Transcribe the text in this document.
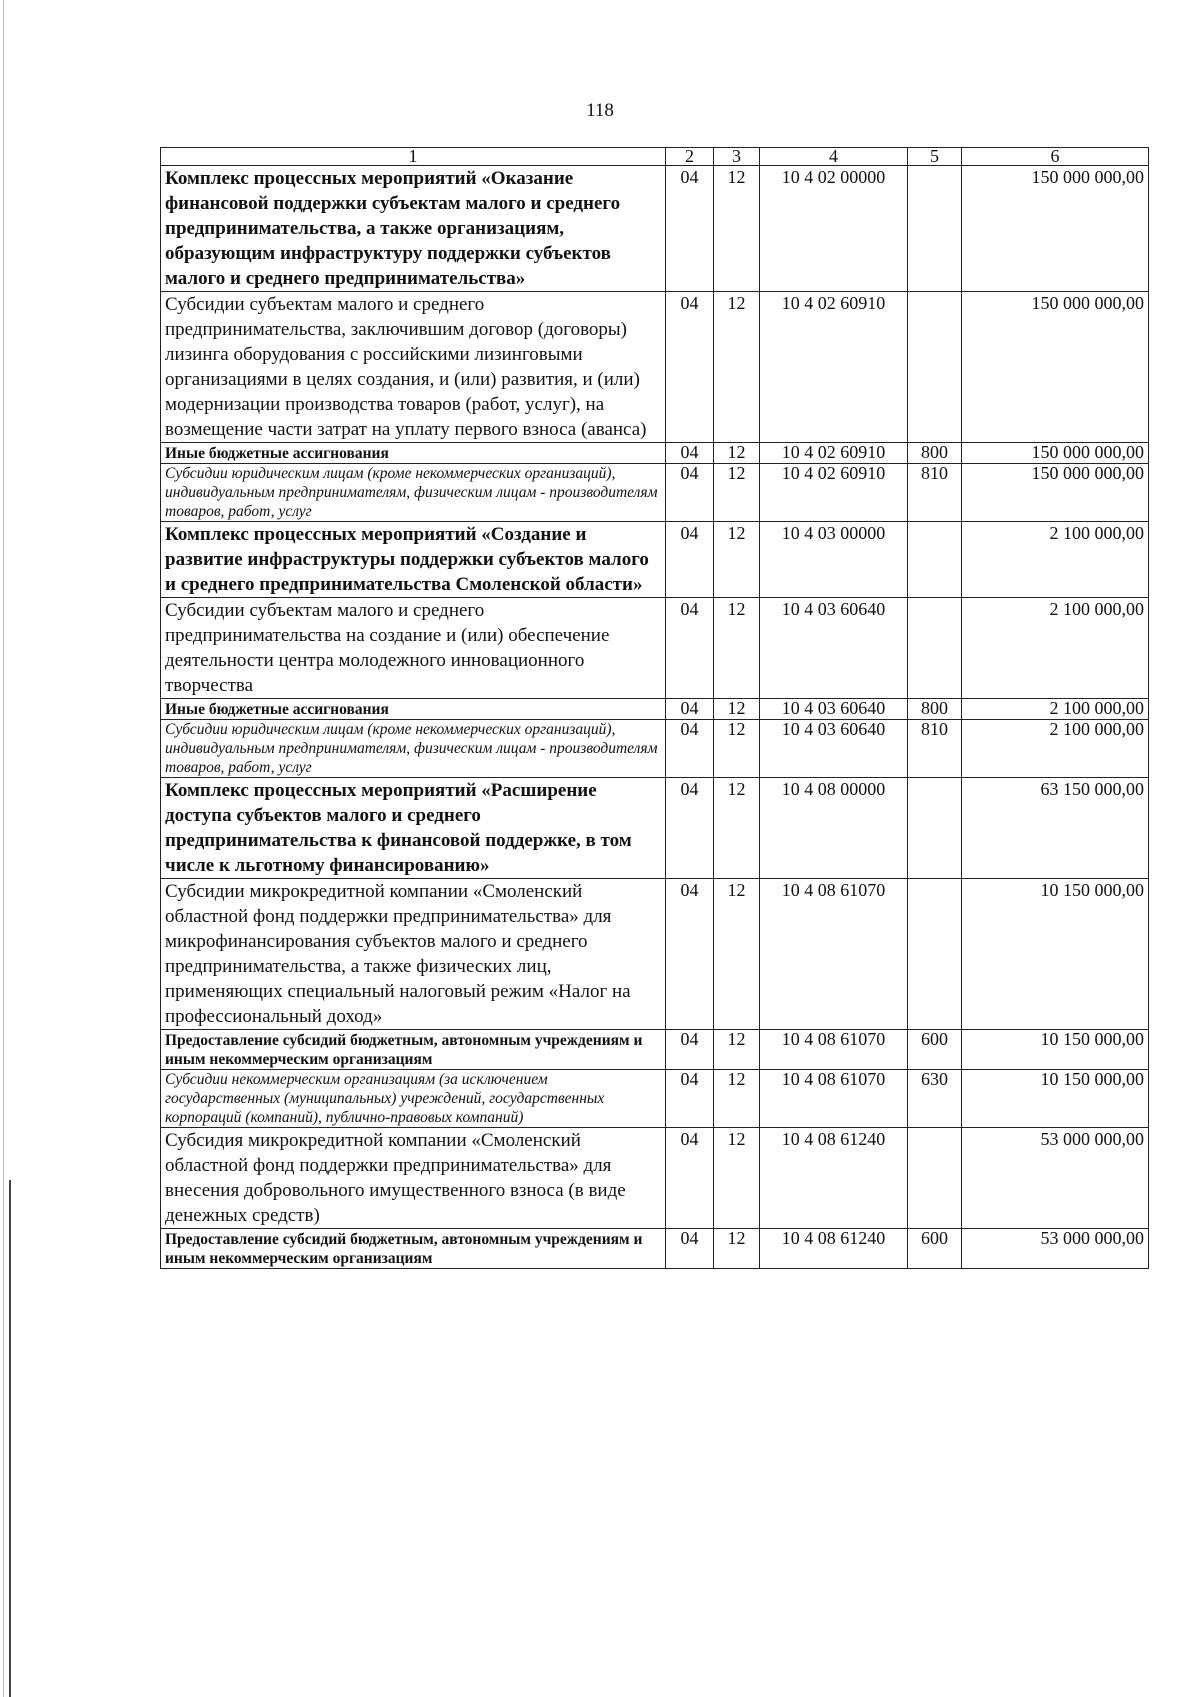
118
1	2	3	4	5	6
Комплекс процессных мероприятий «Оказание финансовой поддержки субъектам малого и среднего предпринимательства, а также организациям, образующим инфраструктуру поддержки субъектов малого и среднего предпринимательства»	04	12	10 4 02 00000		150 000 000,00
Субсидии субъектам малого и среднего предпринимательства, заключившим договор (договоры) лизинга оборудования с российскими лизинговыми организациями в целях создания, и (или) развития, и (или) модернизации производства товаров (работ, услуг), на возмещение части затрат на уплату первого взноса (аванса)	04	12	10 4 02 60910		150 000 000,00
Иные бюджетные ассигнования	04	12	10 4 02 60910	800	150 000 000,00
Субсидии юридическим лицам (кроме некоммерческих организаций), индивидуальным предпринимателям, физическим лицам - производителям товаров, работ, услуг	04	12	10 4 02 60910	810	150 000 000,00
Комплекс процессных мероприятий «Создание и развитие инфраструктуры поддержки субъектов малого и среднего предпринимательства Смоленской области»	04	12	10 4 03 00000		2 100 000,00
Субсидии субъектам малого и среднего предпринимательства на создание и (или) обеспечение деятельности центра молодежного инновационного творчества	04	12	10 4 03 60640		2 100 000,00
Иные бюджетные ассигнования	04	12	10 4 03 60640	800	2 100 000,00
Субсидии юридическим лицам (кроме некоммерческих организаций), индивидуальным предпринимателям, физическим лицам - производителям товаров, работ, услуг	04	12	10 4 03 60640	810	2 100 000,00
Комплекс процессных мероприятий «Расширение доступа субъектов малого и среднего предпринимательства к финансовой поддержке, в том числе к льготному финансированию»	04	12	10 4 08 00000		63 150 000,00
Субсидии микрокредитной компании «Смоленский областной фонд поддержки предпринимательства» для микрофинансирования субъектов малого и среднего предпринимательства, а также физических лиц, применяющих специальный налоговый режим «Налог на профессиональный доход»	04	12	10 4 08 61070		10 150 000,00
Предоставление субсидий бюджетным, автономным учреждениям и иным некоммерческим организациям	04	12	10 4 08 61070	600	10 150 000,00
Субсидии некоммерческим организациям (за исключением государственных (муниципальных) учреждений, государственных корпораций (компаний), публично-правовых компаний)	04	12	10 4 08 61070	630	10 150 000,00
Субсидия микрокредитной компании «Смоленский областной фонд поддержки предпринимательства» для внесения добровольного имущественного взноса (в виде денежных средств)	04	12	10 4 08 61240		53 000 000,00
Предоставление субсидий бюджетным, автономным учреждениям и иным некоммерческим организациям	04	12	10 4 08 61240	600	53 000 000,00
